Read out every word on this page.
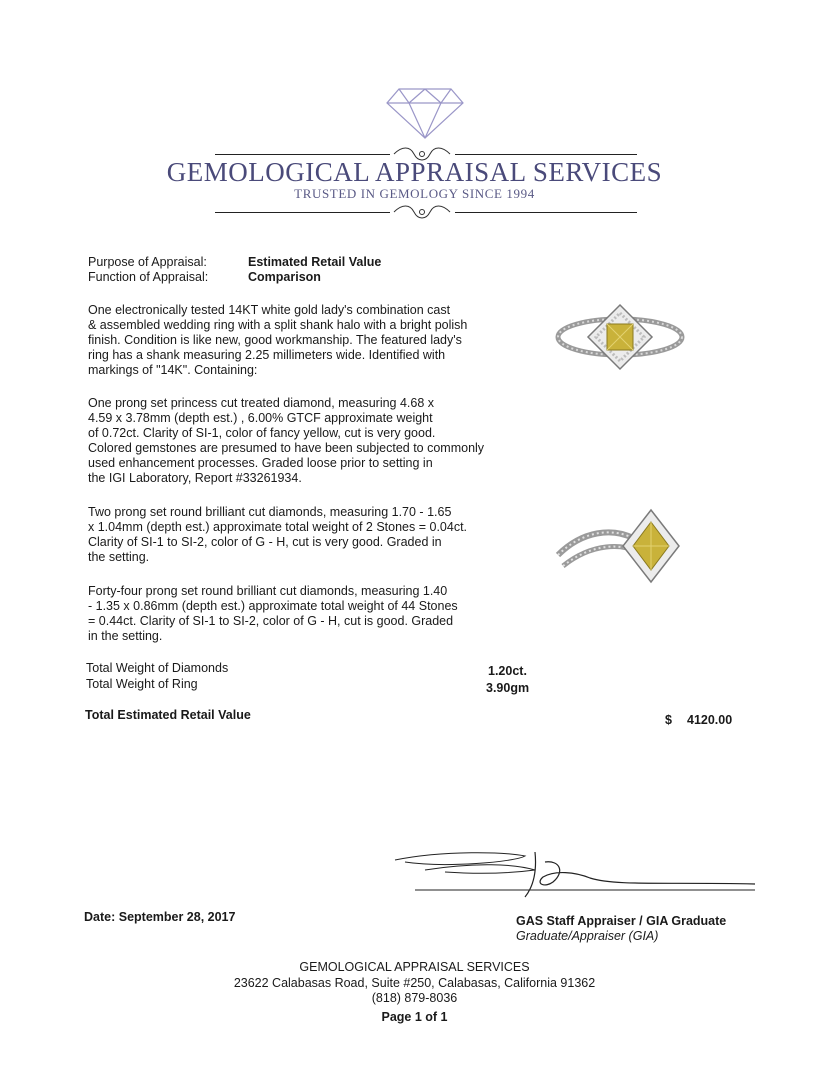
GEMOLOGICAL APPRAISAL SERVICES
TRUSTED IN GEMOLOGY SINCE 1994
Purpose of Appraisal:	Estimated Retail Value
Function of Appraisal:	Comparison
One electronically tested 14KT white gold lady's combination cast
& assembled wedding ring with a split shank halo with a bright polish
finish. Condition is like new, good workmanship. The featured lady's
ring has a shank measuring 2.25 millimeters wide. Identified with
markings of "14K". Containing:
One prong set princess cut treated diamond, measuring 4.68 x
4.59 x 3.78mm (depth est.) , 6.00% GTCF approximate weight
of 0.72ct. Clarity of SI-1, color of fancy yellow, cut is very good.
Colored gemstones are presumed to have been subjected to commonly
used enhancement processes. Graded loose prior to setting in
the IGI Laboratory, Report #33261934.
Two prong set round brilliant cut diamonds, measuring 1.70 - 1.65
x 1.04mm (depth est.) approximate total weight of 2 Stones = 0.04ct.
Clarity of SI-1 to SI-2, color of G - H, cut is very good. Graded in
the setting.
Forty-four prong set round brilliant cut diamonds, measuring 1.40
- 1.35 x 0.86mm (depth est.) approximate total weight of 44 Stones
= 0.44ct. Clarity of SI-1 to SI-2, color of G - H, cut is good. Graded
in the setting.
Total Weight of Diamonds	1.20ct.
Total Weight of Ring	3.90gm
Total Estimated Retail Value	$ 4120.00
Date: September 28, 2017	GAS Staff Appraiser / GIA Graduate
Graduate/Appraiser (GIA)
GEMOLOGICAL APPRAISAL SERVICES
23622 Calabasas Road, Suite #250, Calabasas, California 91362
(818) 879-8036
Page 1 of 1
